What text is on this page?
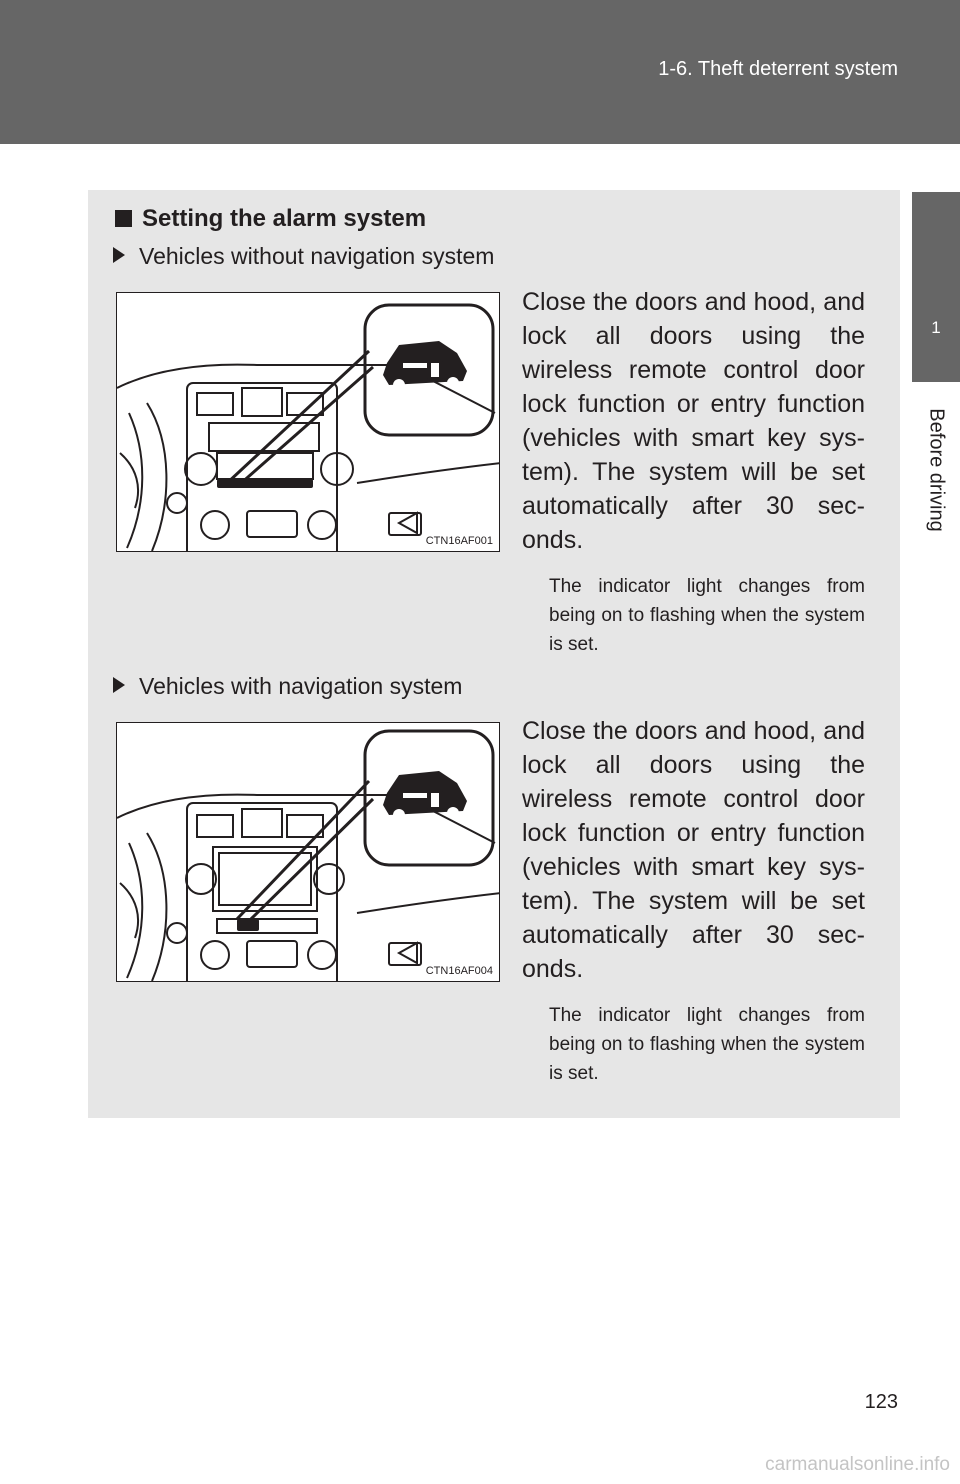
1-6. Theft deterrent system
1
Before driving
Setting the alarm system
Vehicles without navigation system
CTN16AF001
Close the doors and hood, and lock all doors using the wireless remote control door lock function or entry function (vehicles with smart key sys- tem). The system will be set automatically after 30 sec- onds.
The indicator light changes from being on to flashing when the system is set.
Vehicles with navigation system
CTN16AF004
Close the doors and hood, and lock all doors using the wireless remote control door lock function or entry function (vehicles with smart key sys- tem). The system will be set automatically after 30 sec- onds.
The indicator light changes from being on to flashing when the system is set.
123
carmanualsonline.info
